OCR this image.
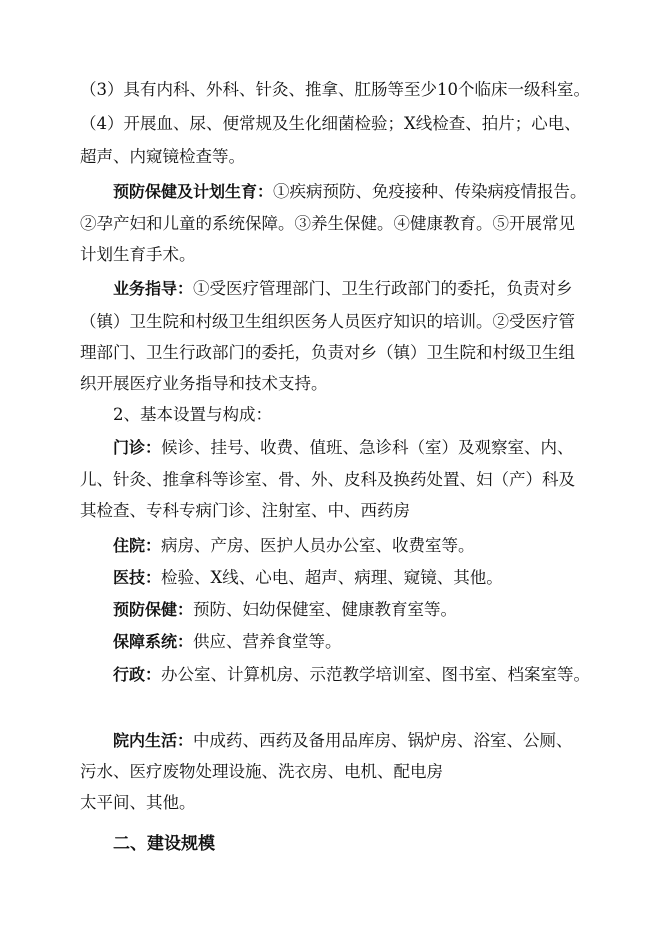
（3）具有内科、外科、针灸、推拿、肛肠等至少10个临床一级科室。
（4）开展血、尿、便常规及生化细菌检验；X线检查、拍片；心电、
超声、内窥镜检查等。
预防保健及计划生育：①疾病预防、免疫接种、传染病疫情报告。
②孕产妇和儿童的系统保障。③养生保健。④健康教育。⑤开展常见
计划生育手术。
业务指导：①受医疗管理部门、卫生行政部门的委托，负责对乡
（镇）卫生院和村级卫生组织医务人员医疗知识的培训。②受医疗管
理部门、卫生行政部门的委托，负责对乡（镇）卫生院和村级卫生组
织开展医疗业务指导和技术支持。
2、基本设置与构成：
门诊：候诊、挂号、收费、值班、急诊科（室）及观察室、内、
儿、针灸、推拿科等诊室、骨、外、皮科及换药处置、妇（产）科及
其检查、专科专病门诊、注射室、中、西药房
住院：病房、产房、医护人员办公室、收费室等。
医技：检验、X线、心电、超声、病理、窥镜、其他。
预防保健：预防、妇幼保健室、健康教育室等。
保障系统：供应、营养食堂等。
行政：办公室、计算机房、示范教学培训室、图书室、档案室等。
院内生活：中成药、西药及备用品库房、锅炉房、浴室、公厕、
污水、医疗废物处理设施、洗衣房、电机、配电房
太平间、其他。
二、建设规模
